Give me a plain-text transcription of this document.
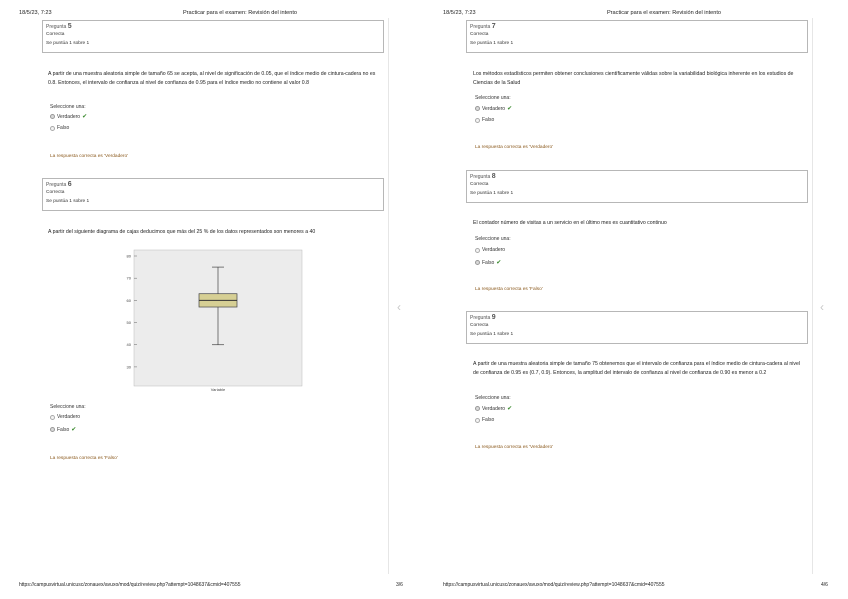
18/5/23, 7:23	Practicar para el examen: Revisión del intento
‹
Pregunta 5
Correcta
Se puntúa 1 sobre 1
A partir de una muestra aleatoria simple de tamaño 65 se acepta, al nivel de significación de 0.05, que el índice medio de cintura-cadera no es 0.8. Entonces, el intervalo de confianza al nivel de confianza de 0.95 para el índice medio no contiene al valor 0.8
Seleccione una:
Verdadero ✔
Falso
La respuesta correcta es 'Verdadero'
Pregunta 6
Correcta
Se puntúa 1 sobre 1
A partir del siguiente diagrama de cajas deducimos que más del 25 % de los datos representados son menores a 40
30
40
50
60
70
80
Variable
Seleccione una:
Verdadero
Falso ✔
La respuesta correcta es 'Falso'
https://campusvirtual.unicusc/zonauex/avuxo/mod/quiz/review.php?attempt=1048637&cmid=407555	3/6
18/5/23, 7:23	Practicar para el examen: Revisión del intento
‹
Pregunta 7
Correcta
Se puntúa 1 sobre 1
Los métodos estadísticos permiten obtener conclusiones científicamente válidas sobre la variabilidad biológica inherente en los estudios de Ciencias de la Salud
Seleccione una:
Verdadero ✔
Falso
La respuesta correcta es 'Verdadero'
Pregunta 8
Correcta
Se puntúa 1 sobre 1
El contador número de visitas a un servicio en el último mes es cuantitativo continuo
Seleccione una:
Verdadero
Falso ✔
La respuesta correcta es 'Falso'
Pregunta 9
Correcta
Se puntúa 1 sobre 1
A partir de una muestra aleatoria simple de tamaño 75 obtenemos que el intervalo de confianza para el índice medio de cintura-cadera al nivel de confianza de 0.95 es (0.7, 0.9). Entonces, la amplitud del intervalo de confianza al nivel de confianza de 0.90 es menor a 0.2
Seleccione una:
Verdadero ✔
Falso
La respuesta correcta es 'Verdadero'
https://campusvirtual.unicusc/zonauex/avuxo/mod/quiz/review.php?attempt=1048637&cmid=407555	4/6
